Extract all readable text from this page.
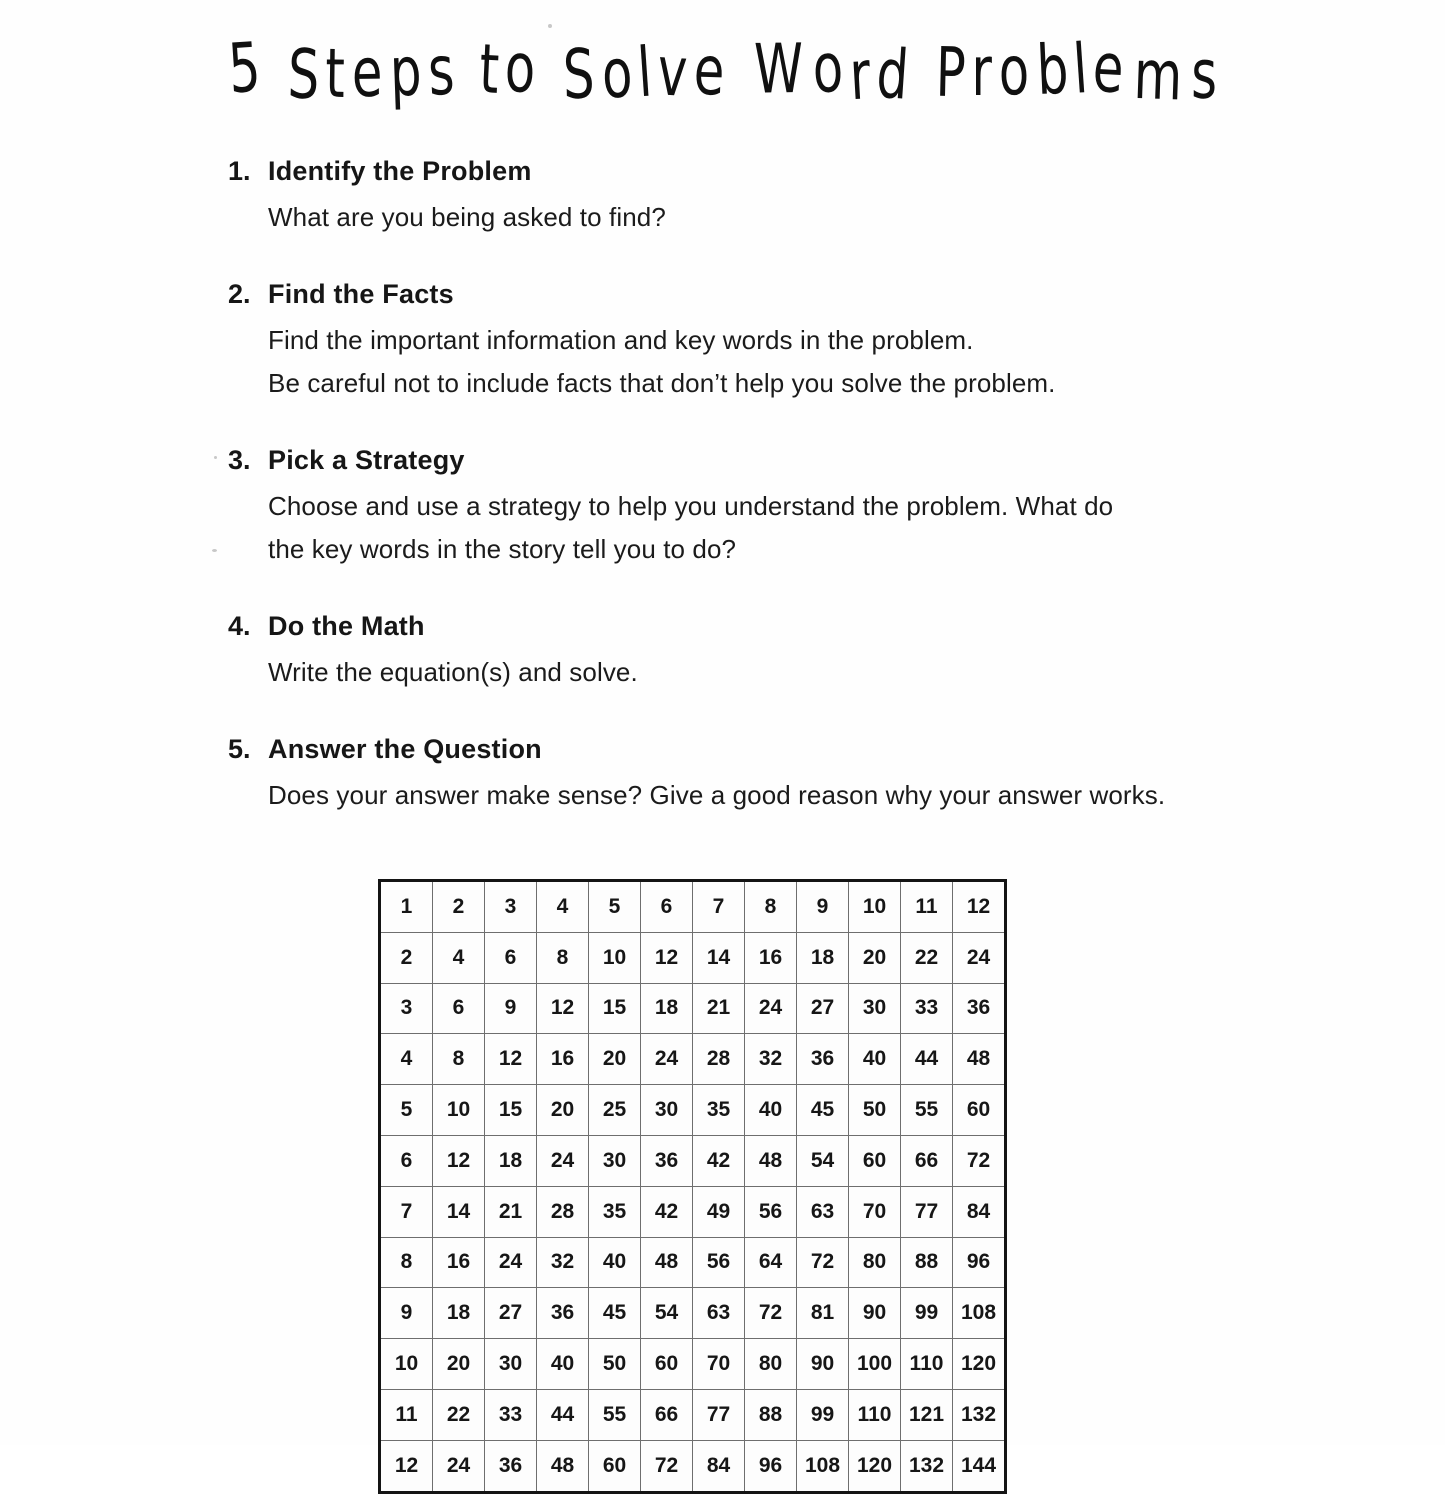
5 Steps to Solve W ord Problem s
1. Identify the Problem

What are you being asked to find?

2. Find the Facts

Find the important information and key words in the problem.

Be careful not to include facts that don’t help you solve the problem.

3. Pick a Strategy

Choose and use a strategy to help you understand the problem. What do

the key words in the story tell you to do?

4. Do the Math

Write the equation(s) and solve.

5. Answer the Question

Does your answer make sense? Give a good reason why your answer works.

1	2	3	4	5	6	7	8	9	10	11	12
2	4	6	8	10	12	14	16	18	20	22	24
3	6	9	12	15	18	21	24	27	30	33	36
4	8	12	16	20	24	28	32	36	40	44	48
5	10	15	20	25	30	35	40	45	50	55	60
6	12	18	24	30	36	42	48	54	60	66	72
7	14	21	28	35	42	49	56	63	70	77	84
8	16	24	32	40	48	56	64	72	80	88	96
9	18	27	36	45	54	63	72	81	90	99	108
10	20	30	40	50	60	70	80	90	100	110	120
11	22	33	44	55	66	77	88	99	110	121	132
12	24	36	48	60	72	84	96	108	120	132	144
